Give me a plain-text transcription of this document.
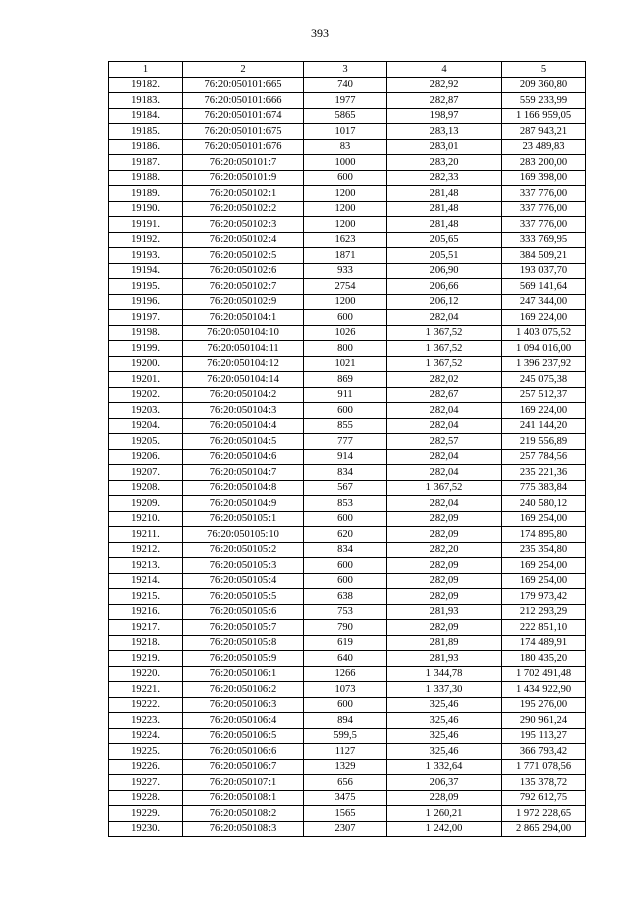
393
1	2	3	4	5
19182.	76:20:050101:665	740	282,92	209 360,80
19183.	76:20:050101:666	1977	282,87	559 233,99
19184.	76:20:050101:674	5865	198,97	1 166 959,05
19185.	76:20:050101:675	1017	283,13	287 943,21
19186.	76:20:050101:676	83	283,01	23 489,83
19187.	76:20:050101:7	1000	283,20	283 200,00
19188.	76:20:050101:9	600	282,33	169 398,00
19189.	76:20:050102:1	1200	281,48	337 776,00
19190.	76:20:050102:2	1200	281,48	337 776,00
19191.	76:20:050102:3	1200	281,48	337 776,00
19192.	76:20:050102:4	1623	205,65	333 769,95
19193.	76:20:050102:5	1871	205,51	384 509,21
19194.	76:20:050102:6	933	206,90	193 037,70
19195.	76:20:050102:7	2754	206,66	569 141,64
19196.	76:20:050102:9	1200	206,12	247 344,00
19197.	76:20:050104:1	600	282,04	169 224,00
19198.	76:20:050104:10	1026	1 367,52	1 403 075,52
19199.	76:20:050104:11	800	1 367,52	1 094 016,00
19200.	76:20:050104:12	1021	1 367,52	1 396 237,92
19201.	76:20:050104:14	869	282,02	245 075,38
19202.	76:20:050104:2	911	282,67	257 512,37
19203.	76:20:050104:3	600	282,04	169 224,00
19204.	76:20:050104:4	855	282,04	241 144,20
19205.	76:20:050104:5	777	282,57	219 556,89
19206.	76:20:050104:6	914	282,04	257 784,56
19207.	76:20:050104:7	834	282,04	235 221,36
19208.	76:20:050104:8	567	1 367,52	775 383,84
19209.	76:20:050104:9	853	282,04	240 580,12
19210.	76:20:050105:1	600	282,09	169 254,00
19211.	76:20:050105:10	620	282,09	174 895,80
19212.	76:20:050105:2	834	282,20	235 354,80
19213.	76:20:050105:3	600	282,09	169 254,00
19214.	76:20:050105:4	600	282,09	169 254,00
19215.	76:20:050105:5	638	282,09	179 973,42
19216.	76:20:050105:6	753	281,93	212 293,29
19217.	76:20:050105:7	790	282,09	222 851,10
19218.	76:20:050105:8	619	281,89	174 489,91
19219.	76:20:050105:9	640	281,93	180 435,20
19220.	76:20:050106:1	1266	1 344,78	1 702 491,48
19221.	76:20:050106:2	1073	1 337,30	1 434 922,90
19222.	76:20:050106:3	600	325,46	195 276,00
19223.	76:20:050106:4	894	325,46	290 961,24
19224.	76:20:050106:5	599,5	325,46	195 113,27
19225.	76:20:050106:6	1127	325,46	366 793,42
19226.	76:20:050106:7	1329	1 332,64	1 771 078,56
19227.	76:20:050107:1	656	206,37	135 378,72
19228.	76:20:050108:1	3475	228,09	792 612,75
19229.	76:20:050108:2	1565	1 260,21	1 972 228,65
19230.	76:20:050108:3	2307	1 242,00	2 865 294,00
